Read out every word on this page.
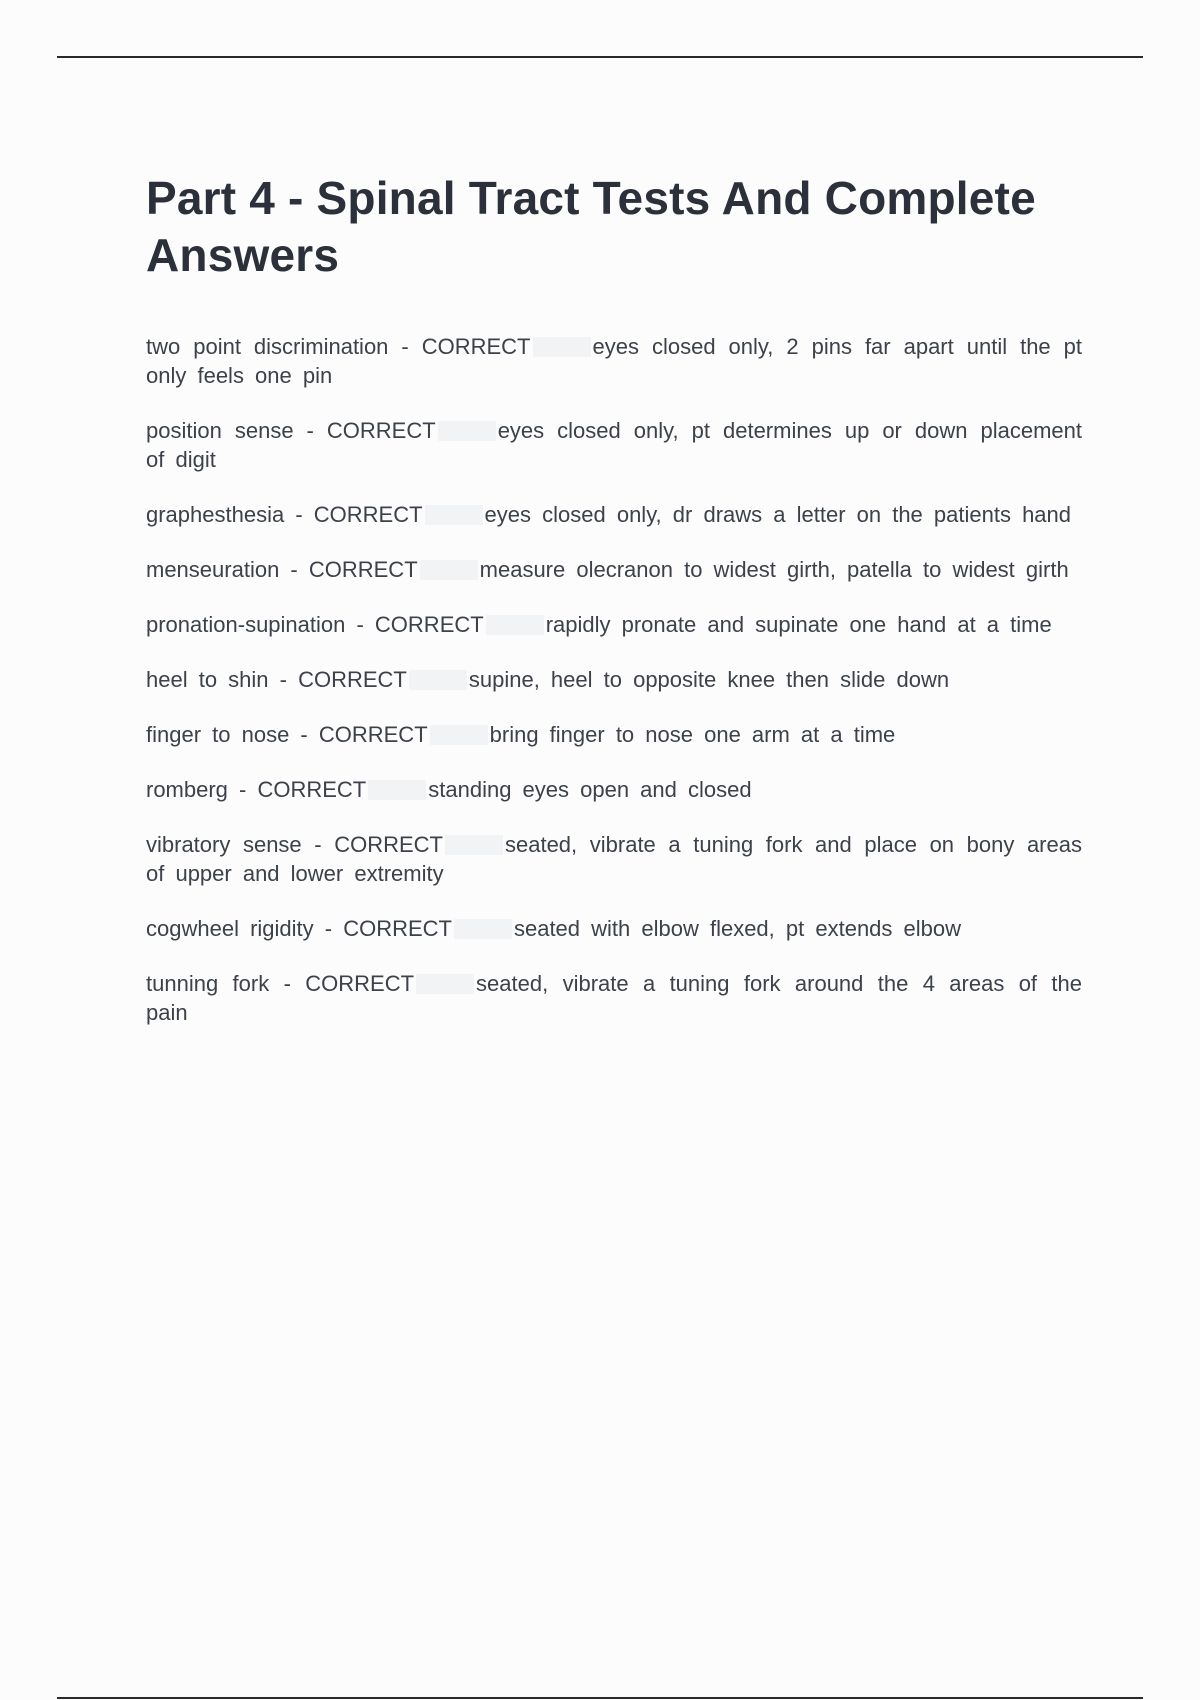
Part 4 - Spinal Tract Tests And Complete Answers

two point discrimination - CORRECT	eyes closed only, 2 pins far apart until the pt only feels one pin

position sense - CORRECT	eyes closed only, pt determines up or down placement of digit

graphesthesia - CORRECT	eyes closed only, dr draws a letter on the patients hand

menseuration - CORRECT	measure olecranon to widest girth, patella to widest girth

pronation-supination - CORRECT	rapidly pronate and supinate one hand at a time

heel to shin - CORRECT	supine, heel to opposite knee then slide down

finger to nose - CORRECT	bring finger to nose one arm at a time

romberg - CORRECT	standing eyes open and closed

vibratory sense - CORRECT	seated, vibrate a tuning fork and place on bony areas of upper and lower extremity

cogwheel rigidity - CORRECT	seated with elbow flexed, pt extends elbow

tunning fork - CORRECT	seated, vibrate a tuning fork around the 4 areas of the pain
